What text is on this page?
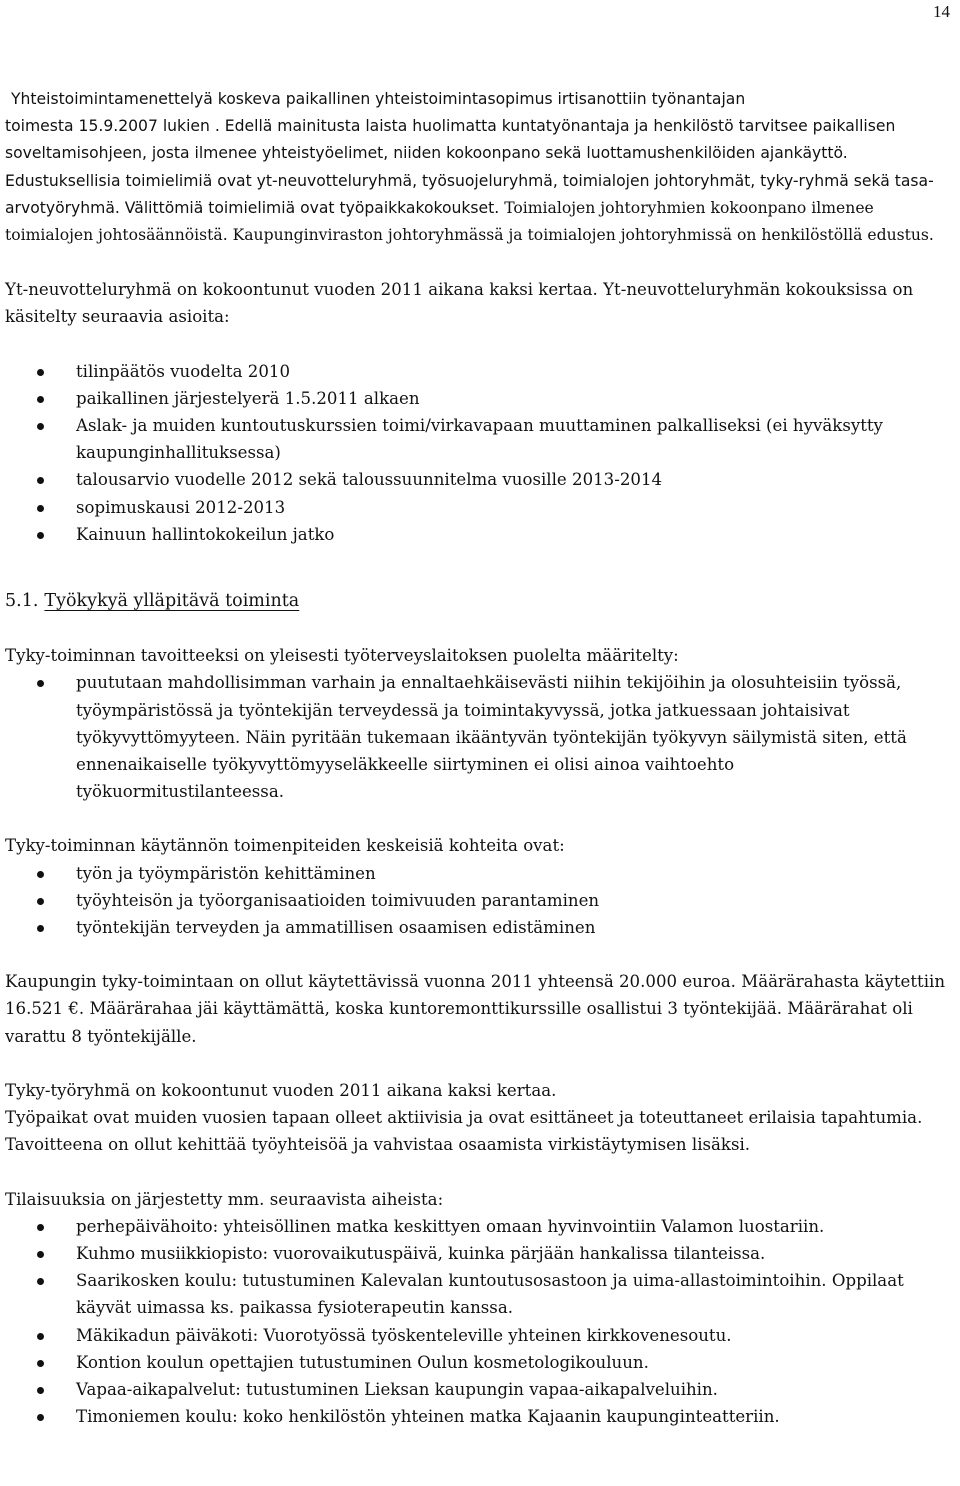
14

Yhteistoimintamenettelyä koskeva paikallinen yhteistoimintasopimus irtisanottiin työnantajan
toimesta 15.9.2007 lukien . Edellä mainitusta laista huolimatta kuntatyönantaja ja henkilöstö tarvitsee paikallisen soveltamisohjeen, josta ilmenee yhteistyöelimet, niiden kokoonpano sekä luottamushenkilöiden ajankäyttö. Edustuksellisia toimielimiä ovat yt-neuvotteluryhmä, työsuojeluryhmä, toimialojen johtoryhmät, tyky-ryhmä sekä tasa-arvotyöryhmä. Välittömiä toimielimiä ovat työpaikkakokoukset. Toimialojen johtoryhmien kokoonpano ilmenee toimialojen johtosäännöistä. Kaupunginviraston johtoryhmässä ja toimialojen johtoryhmissä on henkilöstöllä edustus.

Yt-neuvotteluryhmä on kokoontunut vuoden 2011 aikana kaksi kertaa. Yt-neuvotteluryhmän kokouksissa on käsitelty seuraavia asioita:

tilinpäätös vuodelta 2010
paikallinen järjestelyerä 1.5.2011 alkaen
Aslak- ja muiden kuntoutuskurssien toimi/virkavapaan muuttaminen palkalliseksi (ei hyväksytty kaupunginhallituksessa)
talousarvio vuodelle 2012 sekä taloussuunnitelma vuosille 2013-2014
sopimuskausi 2012-2013
Kainuun hallintokokeilun jatko

5.1. Työkykyä ylläpitävä toiminta

Tyky-toiminnan tavoitteeksi on yleisesti työterveyslaitoksen puolelta määritelty:

puututaan mahdollisimman varhain ja ennaltaehkäisevästi niihin tekijöihin ja olosuhteisiin työssä, työympäristössä ja työntekijän terveydessä ja toimintakyvyssä, jotka jatkuessaan johtaisivat työkyvyttömyyteen. Näin pyritään tukemaan ikääntyvän työntekijän työkyvyn säilymistä siten, että ennenaikaiselle työkyvyttömyyseläkkeelle siirtyminen ei olisi ainoa vaihtoehto työkuormitustilanteessa.

Tyky-toiminnan käytännön toimenpiteiden keskeisiä kohteita ovat:

työn ja työympäristön kehittäminen
työyhteisön ja työorganisaatioiden toimivuuden parantaminen
työntekijän terveyden ja ammatillisen osaamisen edistäminen

Kaupungin tyky-toimintaan on ollut käytettävissä vuonna 2011 yhteensä 20.000 euroa. Määrärahasta käytettiin 16.521 €. Määrärahaa jäi käyttämättä, koska kuntoremonttikurssille osallistui 3 työntekijää. Määrärahat oli varattu 8 työntekijälle.

Tyky-työryhmä on kokoontunut vuoden 2011 aikana kaksi kertaa.

Työpaikat ovat muiden vuosien tapaan olleet aktiivisia ja ovat esittäneet ja toteuttaneet erilaisia tapahtumia. Tavoitteena on ollut kehittää työyhteisöä ja vahvistaa osaamista virkistäytymisen lisäksi.

Tilaisuuksia on järjestetty mm. seuraavista aiheista:

perhepäivähoito: yhteisöllinen matka keskittyen omaan hyvinvointiin Valamon luostariin.
Kuhmo musiikkiopisto: vuorovaikutuspäivä, kuinka pärjään hankalissa tilanteissa.
Saarikosken koulu: tutustuminen Kalevalan kuntoutusosastoon ja uima-allastoimintoihin. Oppilaat käyvät uimassa ks. paikassa fysioterapeutin kanssa.
Mäkikadun päiväkoti: Vuorotyössä työskenteleville yhteinen kirkkovenesoutu.
Kontion koulun opettajien tutustuminen Oulun kosmetologikouluun.
Vapaa-aikapalvelut: tutustuminen Lieksan kaupungin vapaa-aikapalveluihin.
Timoniemen koulu: koko henkilöstön yhteinen matka Kajaanin kaupunginteatteriin.
